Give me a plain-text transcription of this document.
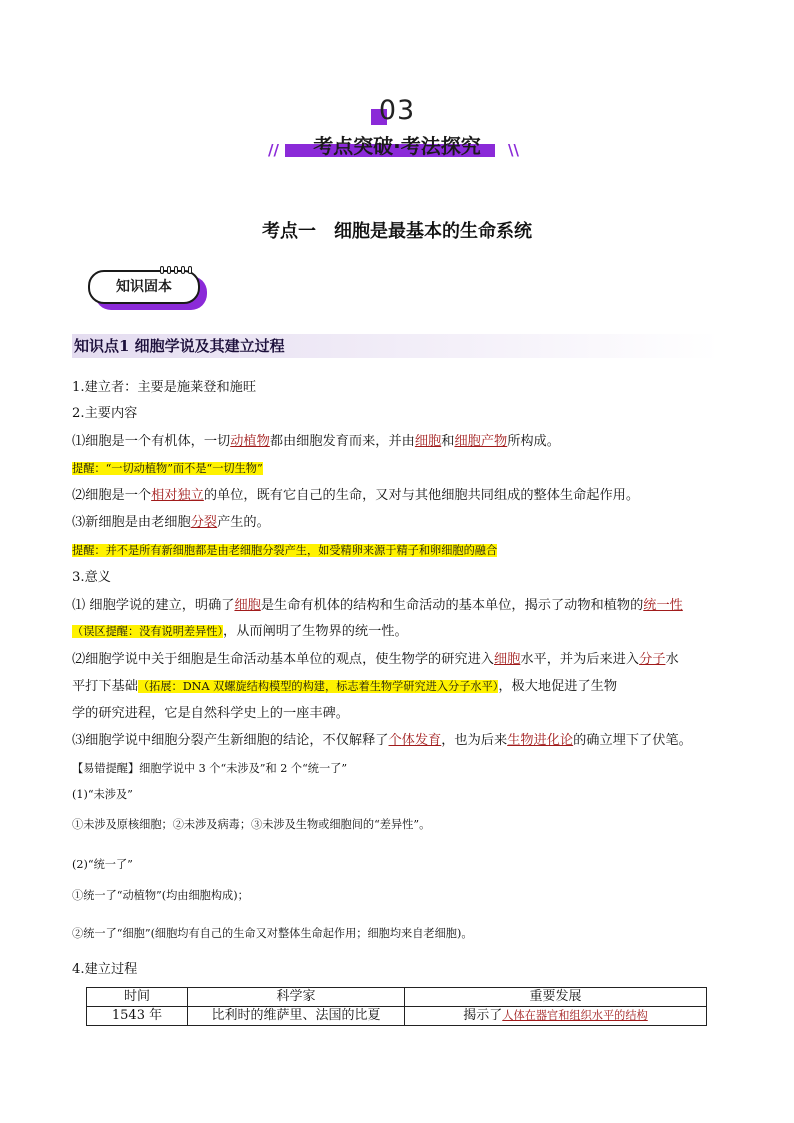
03
//	考点突破·考法探究	\\
考点一　细胞是最基本的生命系统
知识固本
知识点1 细胞学说及其建立过程
1.建立者：主要是施莱登和施旺
2.主要内容
⑴细胞是一个有机体，一切动植物都由细胞发育而来，并由细胞和细胞产物所构成。
提醒：“一切动植物”而不是“一切生物”
⑵细胞是一个相对独立的单位，既有它自己的生命，又对与其他细胞共同组成的整体生命起作用。
⑶新细胞是由老细胞分裂产生的。
提醒：并不是所有新细胞都是由老细胞分裂产生，如受精卵来源于精子和卵细胞的融合
3.意义
⑴ 细胞学说的建立，明确了细胞是生命有机体的结构和生命活动的基本单位，揭示了动物和植物的统一性
（误区提醒：没有说明差异性），从而阐明了生物界的统一性。
⑵细胞学说中关于细胞是生命活动基本单位的观点，使生物学的研究进入细胞水平，并为后来进入分子水
平打下基础（拓展：DNA 双螺旋结构模型的构建，标志着生物学研究进入分子水平），极大地促进了生物
学的研究进程，它是自然科学史上的一座丰碑。
⑶细胞学说中细胞分裂产生新细胞的结论，不仅解释了个体发育，也为后来生物进化论的确立埋下了伏笔。
【易错提醒】细胞学说中 3 个“未涉及”和 2 个“统一了”
(1)“未涉及”
①未涉及原核细胞；②未涉及病毒；③未涉及生物或细胞间的“差异性”。
(2)“统一了”
①统一了“动植物”(均由细胞构成)；
②统一了“细胞”(细胞均有自己的生命又对整体生命起作用；细胞均来自老细胞)。
4.建立过程
时间	科学家	重要发展
1543 年	比利时的维萨里、法国的比夏	揭示了人体在器官和组织水平的结构
